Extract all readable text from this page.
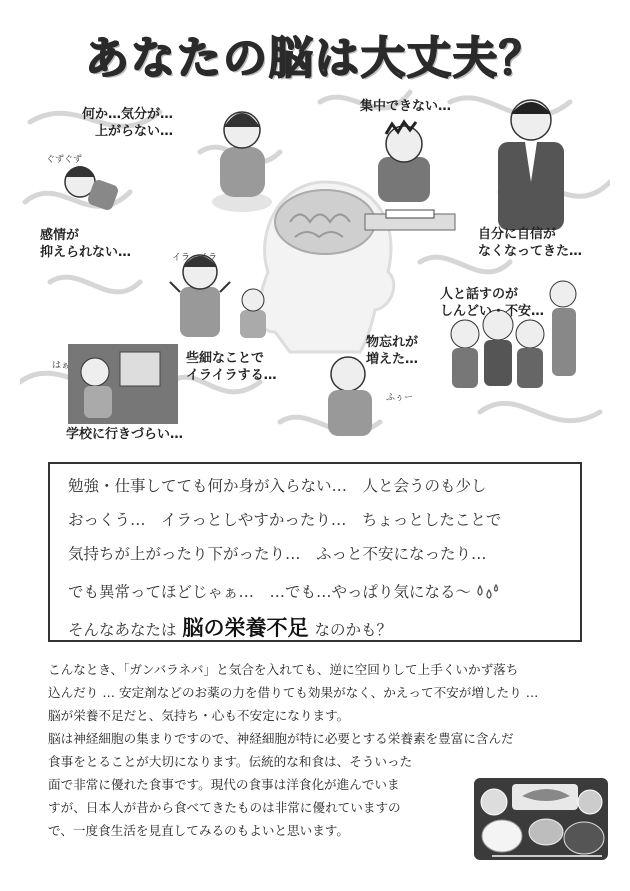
あなたの脳は大丈夫？
何か…気分が…
上がらない…
集中できない…
感情が
抑えられない…
自分に自信が
なくなってきた…
人と話すのが
しんどい・不安…
些細なことで
イライラする…
物忘れが
増えた…
学校に行きづらい…
ぐずぐず
イラ　イラ
はぁ
ふぅー
勉強・仕事してても何か身が入らない…　人と会うのも少し
おっくう…　イラっとしやすかったり…　ちょっとしたことで
気持ちが上がったり下がったり…　ふっと不安になったり…
でも異常ってほどじゃぁ…　…でも…やっぱり気になる～
そんなあなたは 脳の栄養不足 なのかも？
こんなとき、「ガンバラネバ」と気合を入れても、逆に空回りして上手くいかず落ち
込んだり … 安定剤などのお薬の力を借りても効果がなく、かえって不安が増したり …
脳が栄養不足だと、気持ち・心も不安定になります。
脳は神経細胞の集まりですので、神経細胞が特に必要とする栄養素を豊富に含んだ
食事をとることが大切になります。伝統的な和食は、そういった
面で非常に優れた食事です。現代の食事は洋食化が進んでいま
すが、日本人が昔から食べてきたものは非常に優れていますの
で、一度食生活を見直してみるのもよいと思います。
